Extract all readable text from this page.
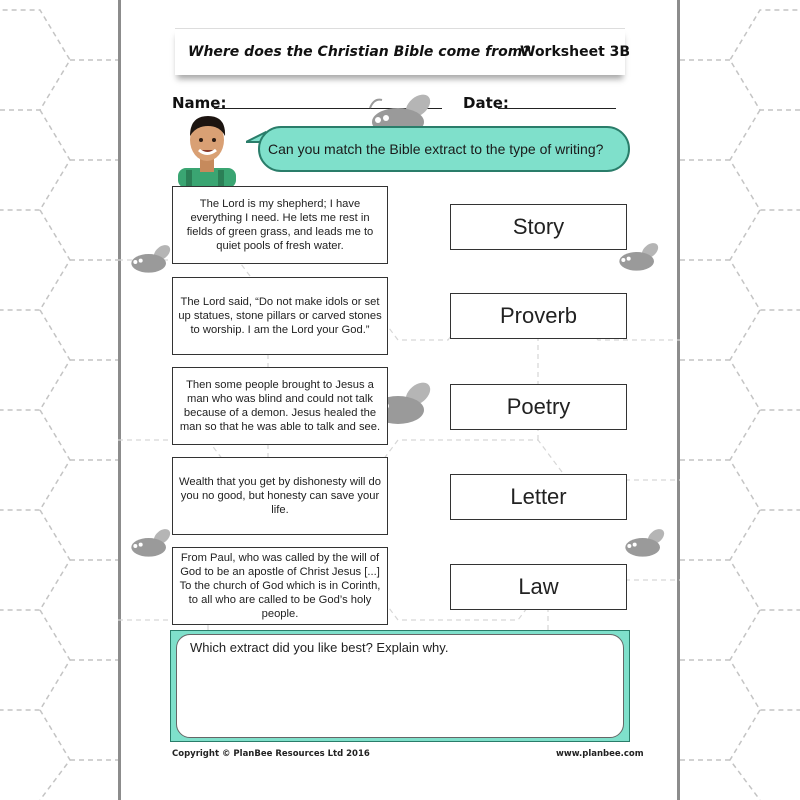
Where does the Christian Bible come from?
Worksheet 3B
Name:	Date:
Can you match the Bible extract to the type of writing?
The Lord is my shepherd; I have everything I need. He lets me rest in fields of green grass, and leads me to quiet pools of fresh water.
The Lord said, “Do not make idols or set up statues, stone pillars or carved stones to worship. I am the Lord your God.”
Then some people brought to Jesus a man who was blind and could not talk because of a demon. Jesus healed the man so that he was able to talk and see.
Wealth that you get by dishonesty will do you no good, but honesty can save your life.
From Paul, who was called by the will of God to be an apostle of Christ Jesus [...] To the church of God which is in Corinth, to all who are called to be God’s holy people.
Story
Proverb
Poetry
Letter
Law
Which extract did you like best? Explain why.
Copyright © PlanBee Resources Ltd 2016	www.planbee.com
